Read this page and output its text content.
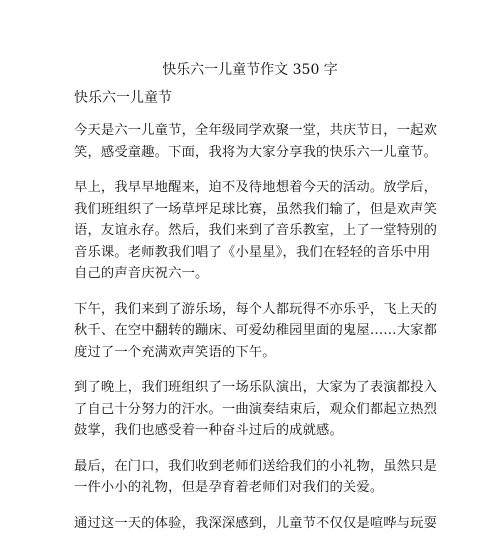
快乐六一儿童节作文 350 字
快乐六一儿童节

今天是六一儿童节，全年级同学欢聚一堂，共庆节日，一起欢
笑，感受童趣。下面，我将为大家分享我的快乐六一儿童节。

早上，我早早地醒来，迫不及待地想着今天的活动。放学后，
我们班组织了一场草坪足球比赛，虽然我们输了，但是欢声笑
语，友谊永存。然后，我们来到了音乐教室，上了一堂特别的
音乐课。老师教我们唱了《小星星》，我们在轻轻的音乐中用
自己的声音庆祝六一。

下午，我们来到了游乐场，每个人都玩得不亦乐乎，飞上天的
秋千、在空中翻转的蹦床、可爱幼稚园里面的鬼屋……大家都
度过了一个充满欢声笑语的下午。

到了晚上，我们班组织了一场乐队演出，大家为了表演都投入
了自己十分努力的汗水。一曲演奏结束后，观众们都起立热烈
鼓掌，我们也感受着一种奋斗过后的成就感。

最后，在门口，我们收到老师们送给我们的小礼物，虽然只是
一件小小的礼物，但是孕育着老师们对我们的关爱。

通过这一天的体验，我深深感到，儿童节不仅仅是喧哗与玩耍
